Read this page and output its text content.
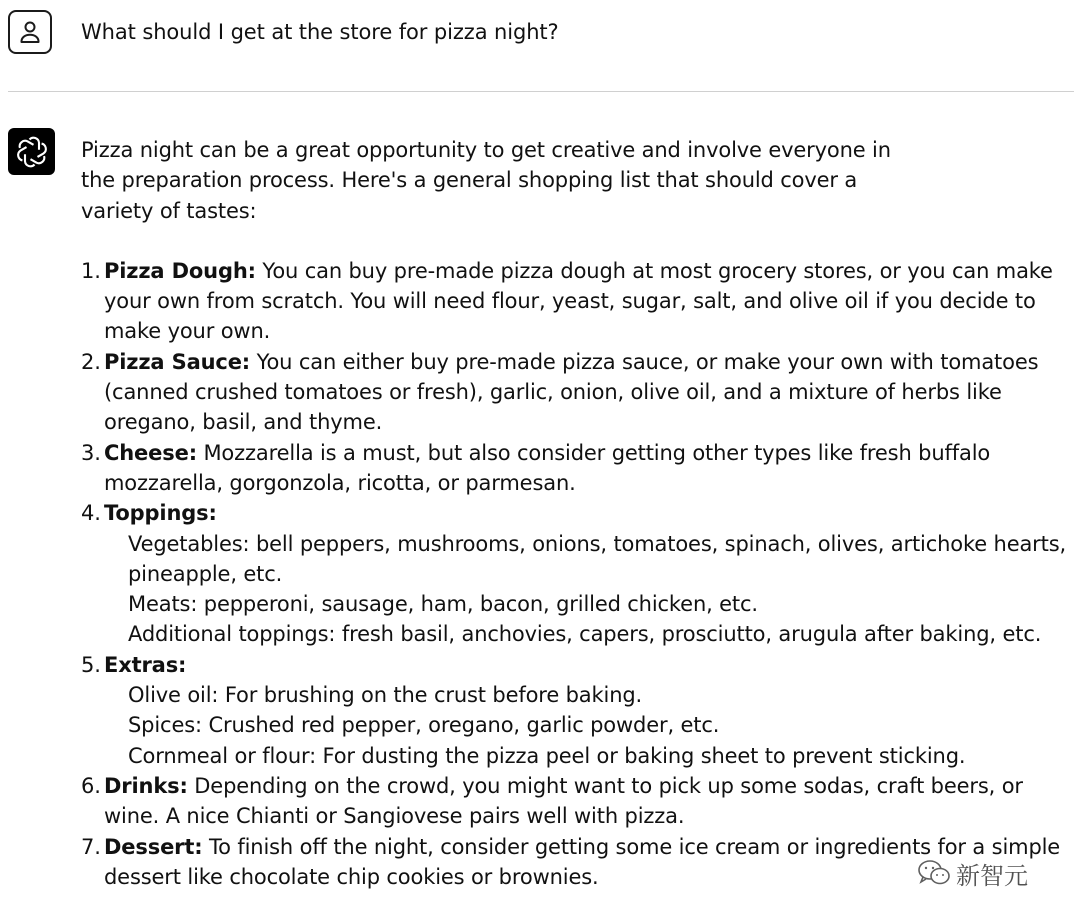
What should I get at the store for pizza night?

Pizza night can be a great opportunity to get creative and involve everyone in the preparation process. Here's a general shopping list that should cover a variety of tastes:

1. Pizza Dough: You can buy pre-made pizza dough at most grocery stores, or you can make your own from scratch. You will need flour, yeast, sugar, salt, and olive oil if you decide to make your own.
2. Pizza Sauce: You can either buy pre-made pizza sauce, or make your own with tomatoes (canned crushed tomatoes or fresh), garlic, onion, olive oil, and a mixture of herbs like oregano, basil, and thyme.
3. Cheese: Mozzarella is a must, but also consider getting other types like fresh buffalo mozzarella, gorgonzola, ricotta, or parmesan.
4. Toppings:
Vegetables: bell peppers, mushrooms, onions, tomatoes, spinach, olives, artichoke hearts, pineapple, etc.
Meats: pepperoni, sausage, ham, bacon, grilled chicken, etc.
Additional toppings: fresh basil, anchovies, capers, prosciutto, arugula after baking, etc.
5. Extras:
Olive oil: For brushing on the crust before baking.
Spices: Crushed red pepper, oregano, garlic powder, etc.
Cornmeal or flour: For dusting the pizza peel or baking sheet to prevent sticking.
6. Drinks: Depending on the crowd, you might want to pick up some sodas, craft beers, or wine. A nice Chianti or Sangiovese pairs well with pizza.
7. Dessert: To finish off the night, consider getting some ice cream or ingredients for a simple dessert like chocolate chip cookies or brownies.	新智元
